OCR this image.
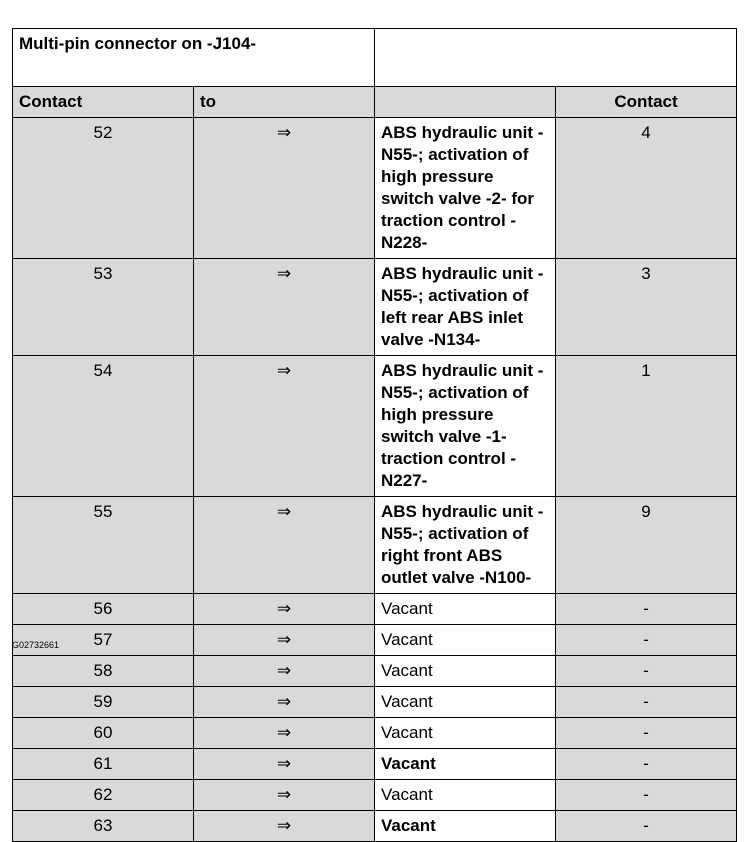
Multi-pin connector on -J104-			
Contact	to		Contact
52	⇒	ABS hydraulic unit -N55-; activation of high pressure switch valve -2- for traction control -N228-	4
53	⇒	ABS hydraulic unit -N55-; activation of left rear ABS inlet valve -N134-	3
54	⇒	ABS hydraulic unit -N55-; activation of high pressure switch valve -1- traction control -N227-	1
55	⇒	ABS hydraulic unit -N55-; activation of right front ABS outlet valve -N100-	9
56	⇒	Vacant	-
57	⇒	Vacant	-
58	⇒	Vacant	-
59	⇒	Vacant	-
60	⇒	Vacant	-
61	⇒	Vacant	-
62	⇒	Vacant	-
63	⇒	Vacant	-
G02732661
